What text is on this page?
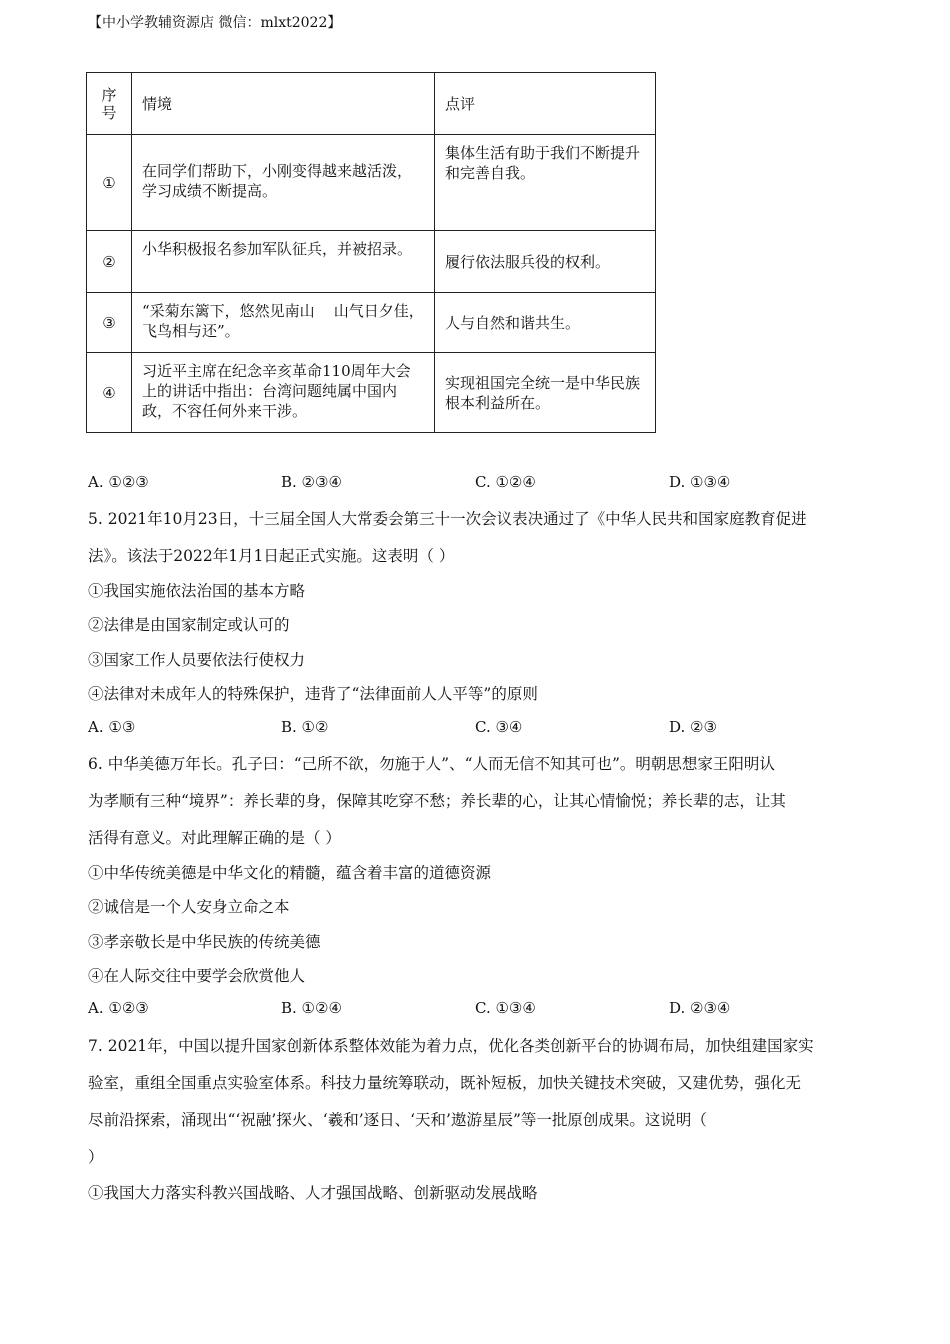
【中小学教辅资源店 微信：mlxt2022】
序号	情境	点评
①	在同学们帮助下，小刚变得越来越活泼，学习成绩不断提高。	集体生活有助于我们不断提升和完善自我。
②	小华积极报名参加军队征兵，并被招录。	履行依法服兵役的权利。
③	“采菊东篱下，悠然见南山    山气日夕佳，飞鸟相与还”。	人与自然和谐共生。
④	习近平主席在纪念辛亥革命110周年大会上的讲话中指出：台湾问题纯属中国内政，不容任何外来干涉。	实现祖国完全统一是中华民族根本利益所在。
A. ①②③	B. ②③④	C. ①②④	D. ①③④
5. 2021年10月23日，十三届全国人大常委会第三十一次会议表决通过了《中华人民共和国家庭教育促进
法》。该法于2022年1月1日起正式实施。这表明（ ）
①我国实施依法治国的基本方略
②法律是由国家制定或认可的
③国家工作人员要依法行使权力
④法律对未成年人的特殊保护，违背了“法律面前人人平等”的原则
A. ①③	B. ①②	C. ③④	D. ②③
6. 中华美德万年长。孔子曰：“己所不欲，勿施于人”、“人而无信不知其可也”。明朝思想家王阳明认
为孝顺有三种“境界”：养长辈的身，保障其吃穿不愁；养长辈的心，让其心情愉悦；养长辈的志，让其
活得有意义。对此理解正确的是（ ）
①中华传统美德是中华文化的精髓，蕴含着丰富的道德资源
②诚信是一个人安身立命之本
③孝亲敬长是中华民族的传统美德
④在人际交往中要学会欣赏他人
A. ①②③	B. ①②④	C. ①③④	D. ②③④
7. 2021年，中国以提升国家创新体系整体效能为着力点，优化各类创新平台的协调布局，加快组建国家实
验室，重组全国重点实验室体系。科技力量统筹联动，既补短板，加快关键技术突破，又建优势，强化无
尽前沿探索，涌现出“‘祝融’探火、‘羲和’逐日、‘天和’遨游星辰”等一批原创成果。这说明（
）
①我国大力落实科教兴国战略、人才强国战略、创新驱动发展战略
